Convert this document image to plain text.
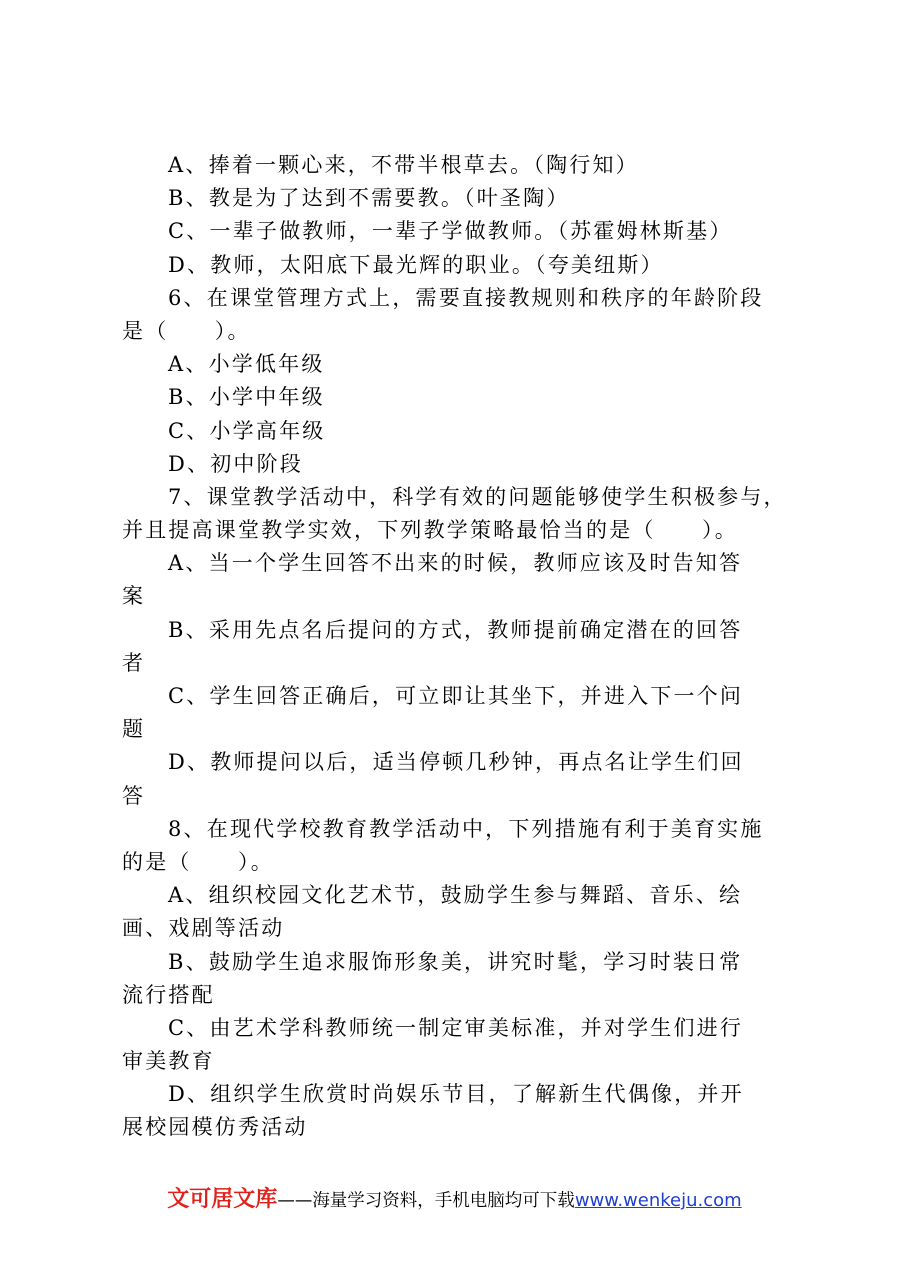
A、捧着一颗心来，不带半根草去。（陶行知）
B、教是为了达到不需要教。（叶圣陶）
C、一辈子做教师，一辈子学做教师。（苏霍姆林斯基）
D、教师，太阳底下最光辉的职业。（夸美纽斯）
6、在课堂管理方式上，需要直接教规则和秩序的年龄阶段
是（　　）。
A、小学低年级
B、小学中年级
C、小学高年级
D、初中阶段
7、课堂教学活动中，科学有效的问题能够使学生积极参与，
并且提高课堂教学实效，下列教学策略最恰当的是（　　）。
A、当一个学生回答不出来的时候，教师应该及时告知答
案
B、采用先点名后提问的方式，教师提前确定潜在的回答
者
C、学生回答正确后，可立即让其坐下，并进入下一个问
题
D、教师提问以后，适当停顿几秒钟，再点名让学生们回
答
8、在现代学校教育教学活动中，下列措施有利于美育实施
的是（　　）。
A、组织校园文化艺术节，鼓励学生参与舞蹈、音乐、绘
画、戏剧等活动
B、鼓励学生追求服饰形象美，讲究时髦，学习时装日常
流行搭配
C、由艺术学科教师统一制定审美标准，并对学生们进行
审美教育
D、组织学生欣赏时尚娱乐节目，了解新生代偶像，并开
展校园模仿秀活动
文可居文库——海量学习资料，手机电脑均可下载www.wenkeju.com
